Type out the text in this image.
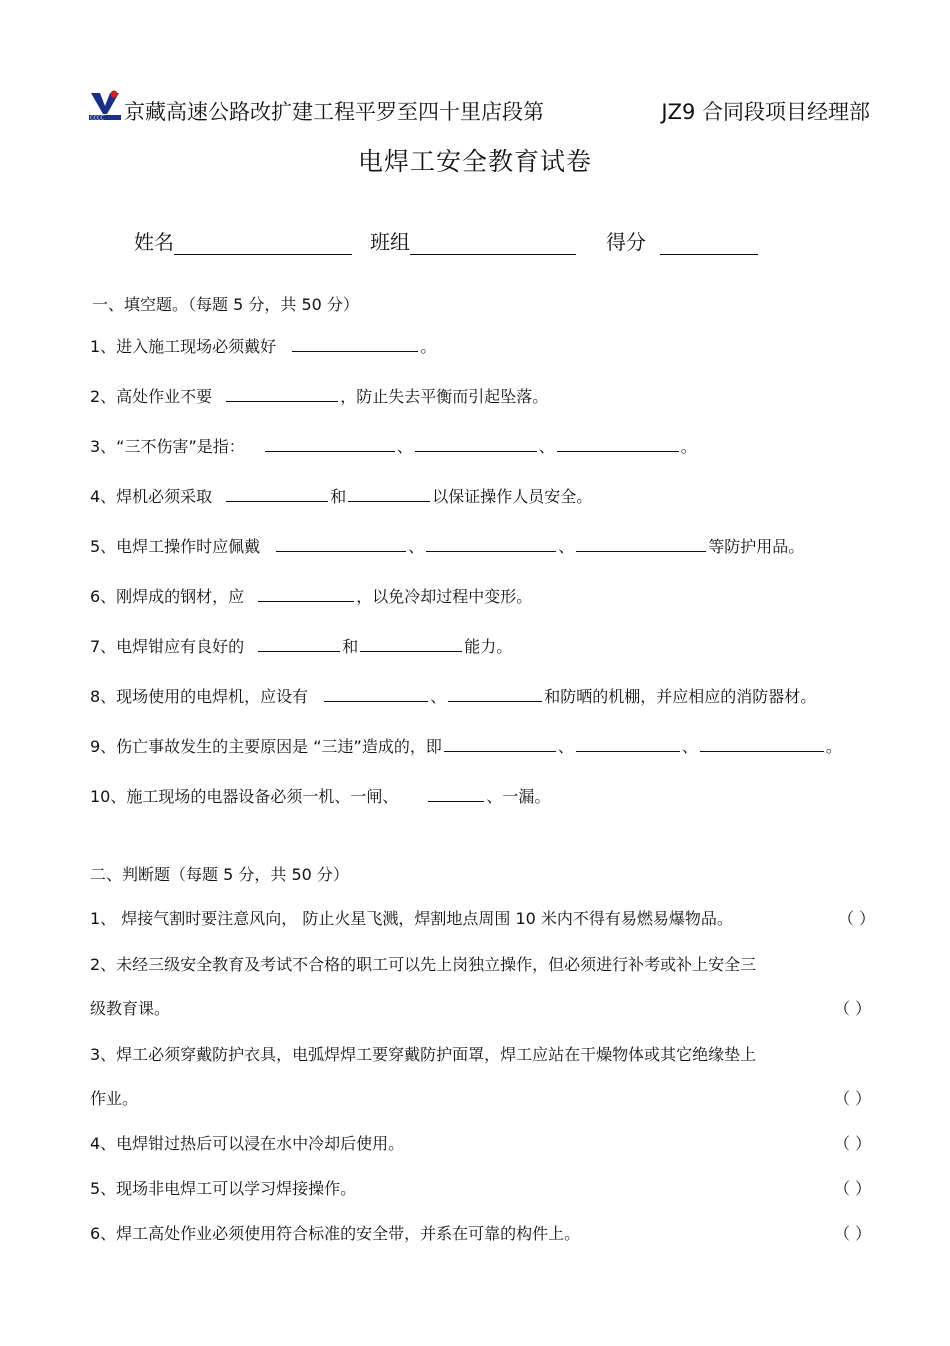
CCCC 京藏高速公路改扩建工程平罗至四十里店段第	JZ9 合同段项目经理部
电焊工安全教育试卷
姓名	班组	得分
一、填空题。（每题 5 分，共 50 分）
1、进入施工现场必须戴好	。
2、高处作业不要	，防止失去平衡而引起坠落。
3、“三不伤害”是指：	、	、	。
4、焊机必须采取	和	以保证操作人员安全。
5、电焊工操作时应佩戴	、	、	等防护用品。
6、刚焊成的钢材，应	，以免冷却过程中变形。
7、电焊钳应有良好的	和	能力。
8、现场使用的电焊机，应设有	、	和防晒的机棚，并应相应的消防器材。
9、伤亡事故发生的主要原因是 “三违”造成的，即	、	、	。
10、施工现场的电器设备必须一机、一闸、	、一漏。
二、判断题（每题 5 分，共 50 分）
1、 焊接气割时要注意风向， 防止火星飞溅，焊割地点周围 10 米内不得有易燃易爆物品。	（ ）
2、未经三级安全教育及考试不合格的职工可以先上岗独立操作，但必须进行补考或补上安全三
级教育课。	（ ）
3、焊工必须穿戴防护衣具，电弧焊焊工要穿戴防护面罩，焊工应站在干燥物体或其它绝缘垫上
作业。	（ ）
4、电焊钳过热后可以浸在水中冷却后使用。	（ ）
5、现场非电焊工可以学习焊接操作。	（ ）
6、焊工高处作业必须使用符合标准的安全带，并系在可靠的构件上。	（ ）
